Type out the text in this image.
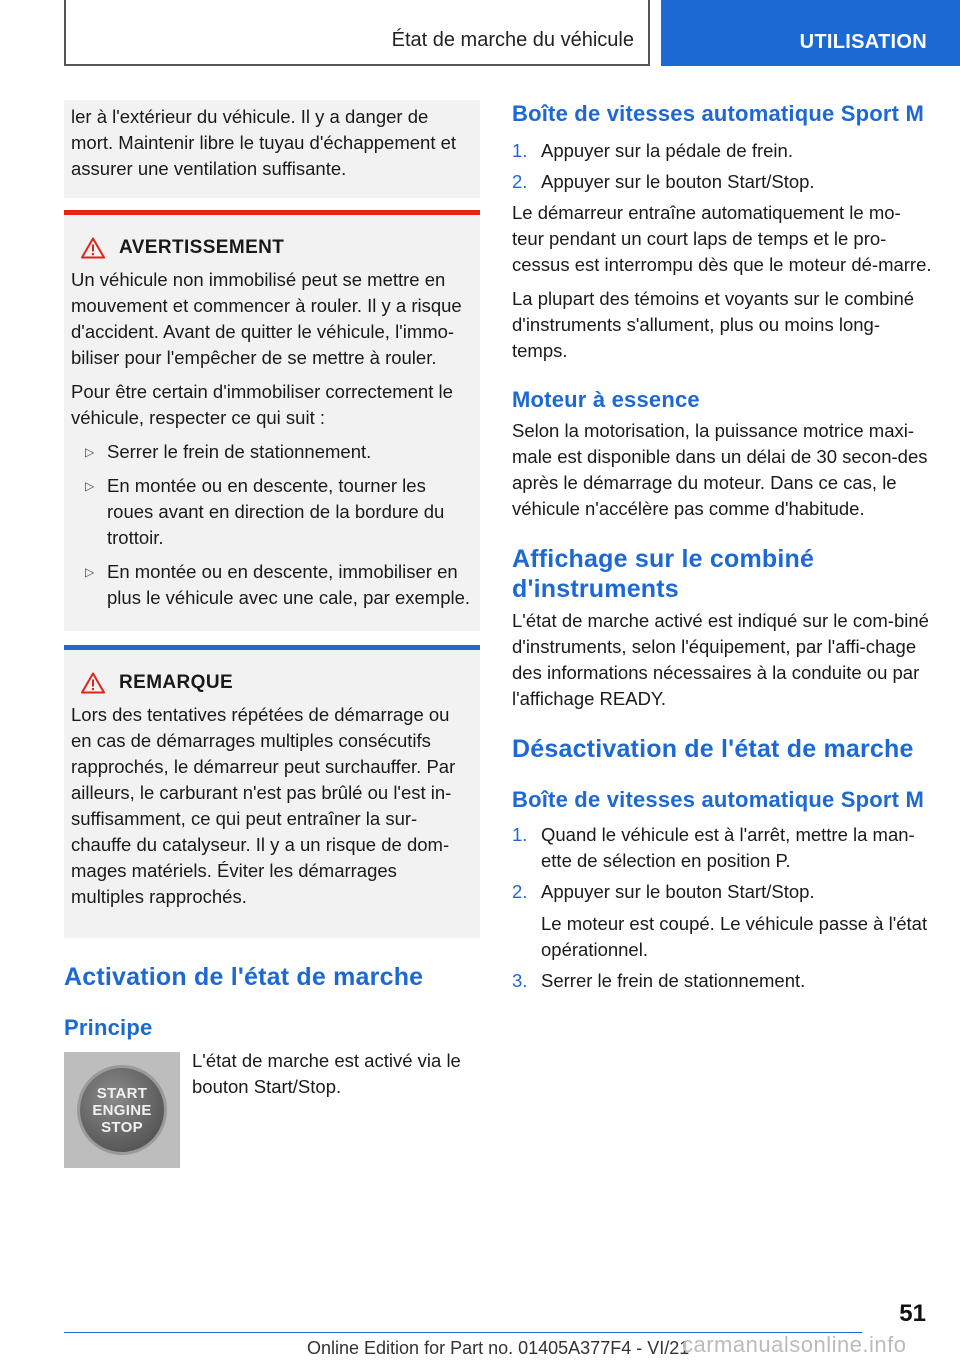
État de marche du véhicule	UTILISATION

ler à l'extérieur du véhicule. Il y a danger de mort. Maintenir libre le tuyau d'échappement et assurer une ventilation suffisante.

AVERTISSEMENT

Un véhicule non immobilisé peut se mettre en mouvement et commencer à rouler. Il y a risque d'accident. Avant de quitter le véhicule, l'immo-biliser pour l'empêcher de se mettre à rouler.

Pour être certain d'immobiliser correctement le véhicule, respecter ce qui suit :

▷ Serrer le frein de stationnement.
▷ En montée ou en descente, tourner les roues avant en direction de la bordure du trottoir.
▷ En montée ou en descente, immobiliser en plus le véhicule avec une cale, par exemple.
REMARQUE

Lors des tentatives répétées de démarrage ou en cas de démarrages multiples consécutifs rapprochés, le démarreur peut surchauffer. Par ailleurs, le carburant n'est pas brûlé ou l'est in-suffisamment, ce qui peut entraîner la sur-chauffe du catalyseur. Il y a un risque de dom-mages matériels. Éviter les démarrages multiples rapprochés.

Activation de l'état de marche
Principe
START
ENGINE
STOP

L'état de marche est activé via le bouton Start/Stop.

Boîte de vitesses automatique Sport M
1. Appuyer sur la pédale de frein.
2. Appuyer sur le bouton Start/Stop.

Le démarreur entraîne automatiquement le mo-teur pendant un court laps de temps et le pro-cessus est interrompu dès que le moteur dé-marre.

La plupart des témoins et voyants sur le combiné d'instruments s'allument, plus ou moins long-temps.

Moteur à essence

Selon la motorisation, la puissance motrice maxi-male est disponible dans un délai de 30 secon-des après le démarrage du moteur. Dans ce cas, le véhicule n'accélère pas comme d'habitude.

Affichage sur le combiné d'instruments

L'état de marche activé est indiqué sur le com-biné d'instruments, selon l'équipement, par l'affi-chage des informations nécessaires à la conduite ou par l'affichage READY.

Désactivation de l'état de marche
Boîte de vitesses automatique Sport M
1. Quand le véhicule est à l'arrêt, mettre la man-ette de sélection en position P.
2. Appuyer sur le bouton Start/Stop.
Le moteur est coupé. Le véhicule passe à l'état opérationnel.
3. Serrer le frein de stationnement.
51
Online Edition for Part no. 01405A377F4 - VI/21
carmanualsonline.info
